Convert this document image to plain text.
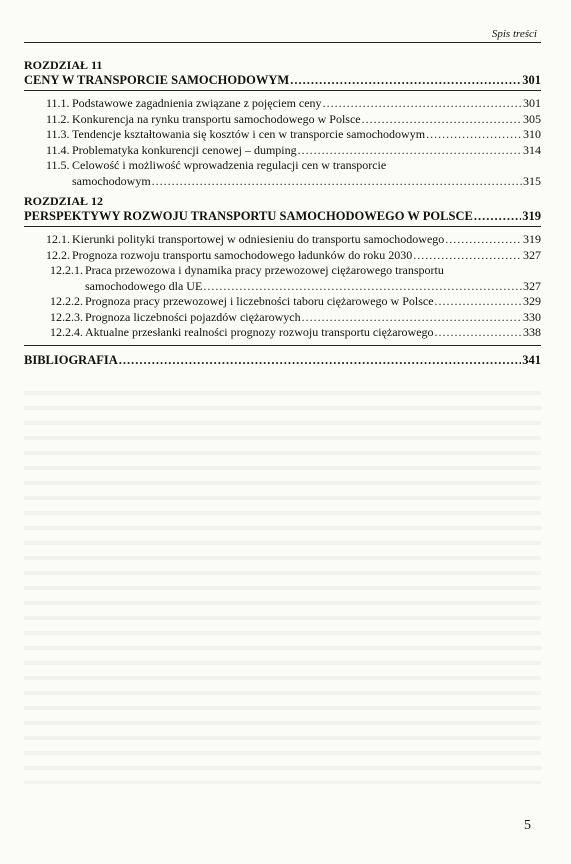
Spis treści
ROZDZIAŁ 11
CENY W TRANSPORCIE SAMOCHODOWYM .....	301
11.1. Podstawowe zagadnienia związane z pojęciem ceny .....	301
11.2. Konkurencja na rynku transportu samochodowego w Polsce .....	305
11.3. Tendencje kształtowania się kosztów i cen w transporcie samochodowym .....	310
11.4. Problematyka konkurencji cenowej – dumping .....	314
11.5. Celowość i możliwość wprowadzenia regulacji cen w transporcie
samochodowym .....	315
ROZDZIAŁ 12
PERSPEKTYWY ROZWOJU TRANSPORTU SAMOCHODOWEGO W POLSCE .....	319
12.1. Kierunki polityki transportowej w odniesieniu do transportu samochodowego .....	319
12.2. Prognoza rozwoju transportu samochodowego ładunków do roku 2030 .....	327
12.2.1. Praca przewozowa i dynamika pracy przewozowej ciężarowego transportu
samochodowego dla UE .....	327
12.2.2. Prognoza pracy przewozowej i liczebności taboru ciężarowego w Polsce .....	329
12.2.3. Prognoza liczebności pojazdów ciężarowych .....	330
12.2.4. Aktualne przesłanki realności prognozy rozwoju transportu ciężarowego .....	338
BIBLIOGRAFIA .....	341
5
